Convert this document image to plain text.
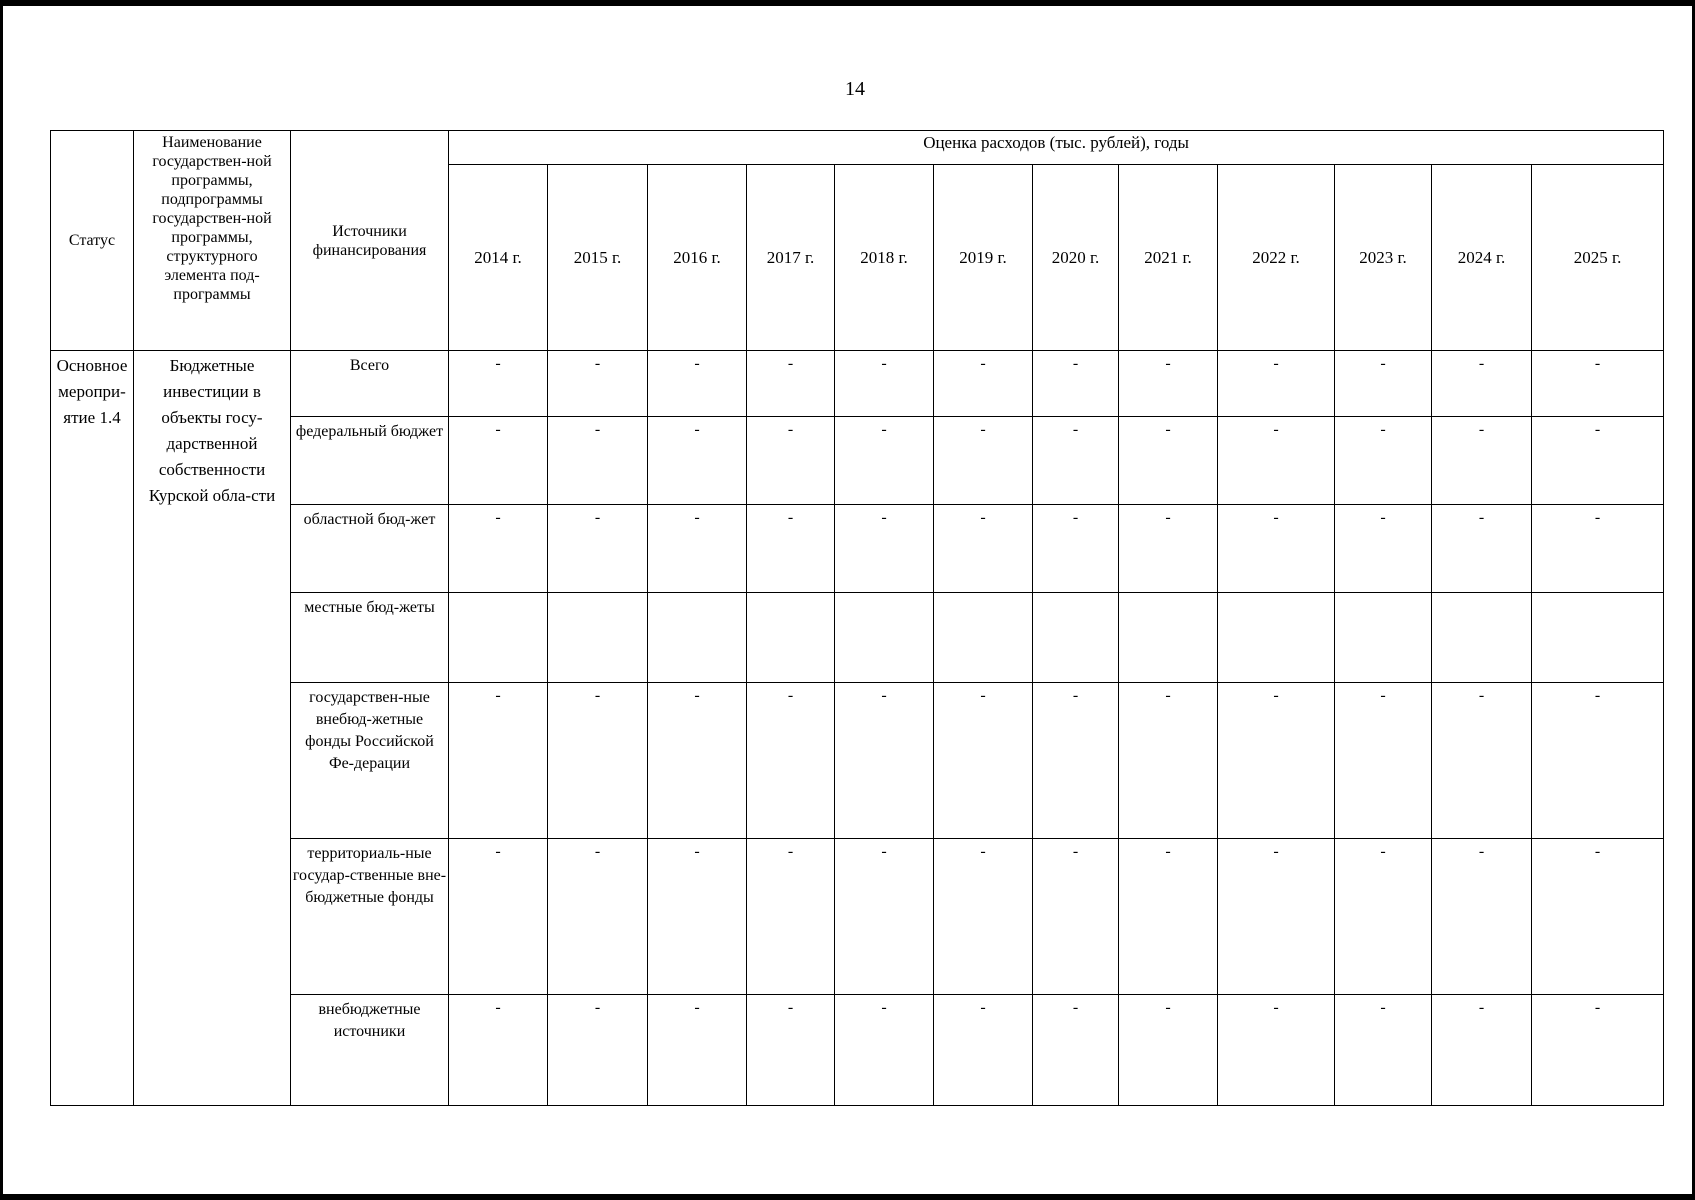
14
Статус	Наименование государствен-ной программы, подпрограммы государствен-ной программы, структурного элемента под-программы	Источники финансирования	Оценка расходов (тыс. рублей), годы											
			2014 г.	2015 г.	2016 г.	2017 г.	2018 г.	2019 г.	2020 г.	2021 г.	2022 г.	2023 г.	2024 г.	2025 г.
Основное меропри-ятие 1.4	Бюджетные инвестиции в объекты госу-дарственной собственности Курской обла-сти	Всего	-	-	-	-	-	-	-	-	-	-	-	-
		федеральный бюджет	-	-	-	-	-	-	-	-	-	-	-	-
		областной бюд-жет	-	-	-	-	-	-	-	-	-	-	-	-
		местные бюд-жеты												
		государствен-ные внебюд-жетные фонды Российской Фе-дерации	-	-	-	-	-	-	-	-	-	-	-	-
		территориаль-ные государ-ственные вне-бюджетные фонды	-	-	-	-	-	-	-	-	-	-	-	-
		внебюджетные источники	-	-	-	-	-	-	-	-	-	-	-	-
